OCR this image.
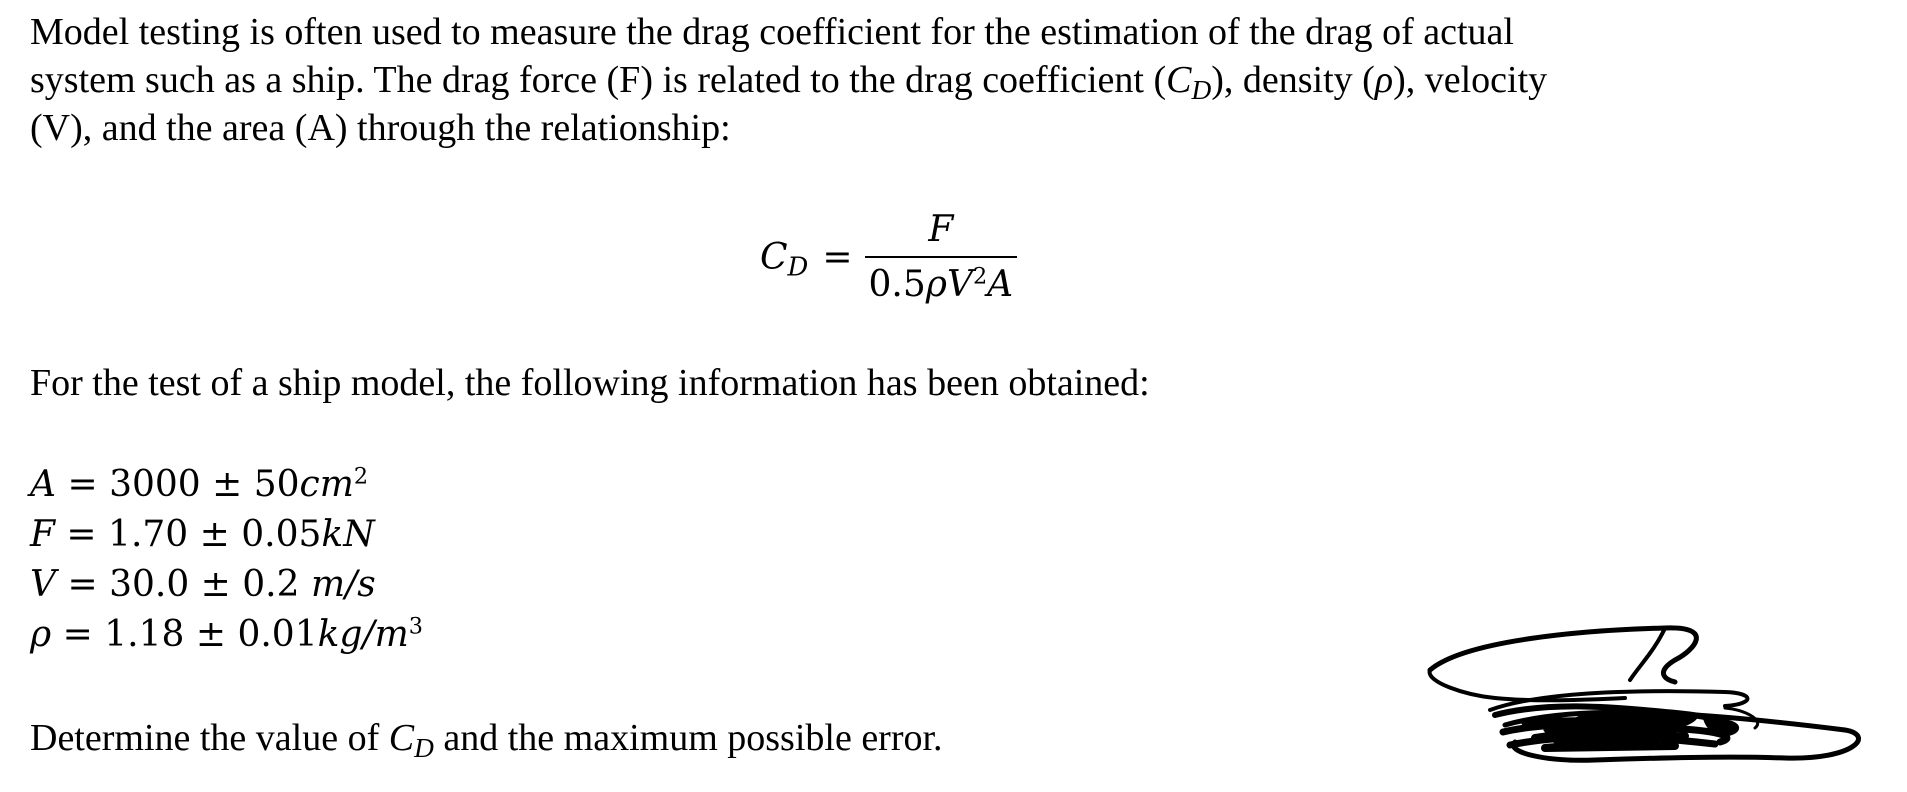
Model testing is often used to measure the drag coefficient for the estimation of the drag of actual
system such as a ship. The drag force (F) is related to the drag coefficient $(C_D)$, density (ρ), velocity
(V), and the area (A) through the relationship:
$C_D = \frac{F}{0.5\rho V^2A}$
For the test of a ship model, the following information has been obtained:
$A = 3000 \pm 50cm^2$
F = 1.70 ± 0.05kN
V = 30.0 ± 0.2 m/s
$\rho = 1.18 \pm 0.01kg/m^3$
Determine the value of $C_D$ and the maximum possible error.
